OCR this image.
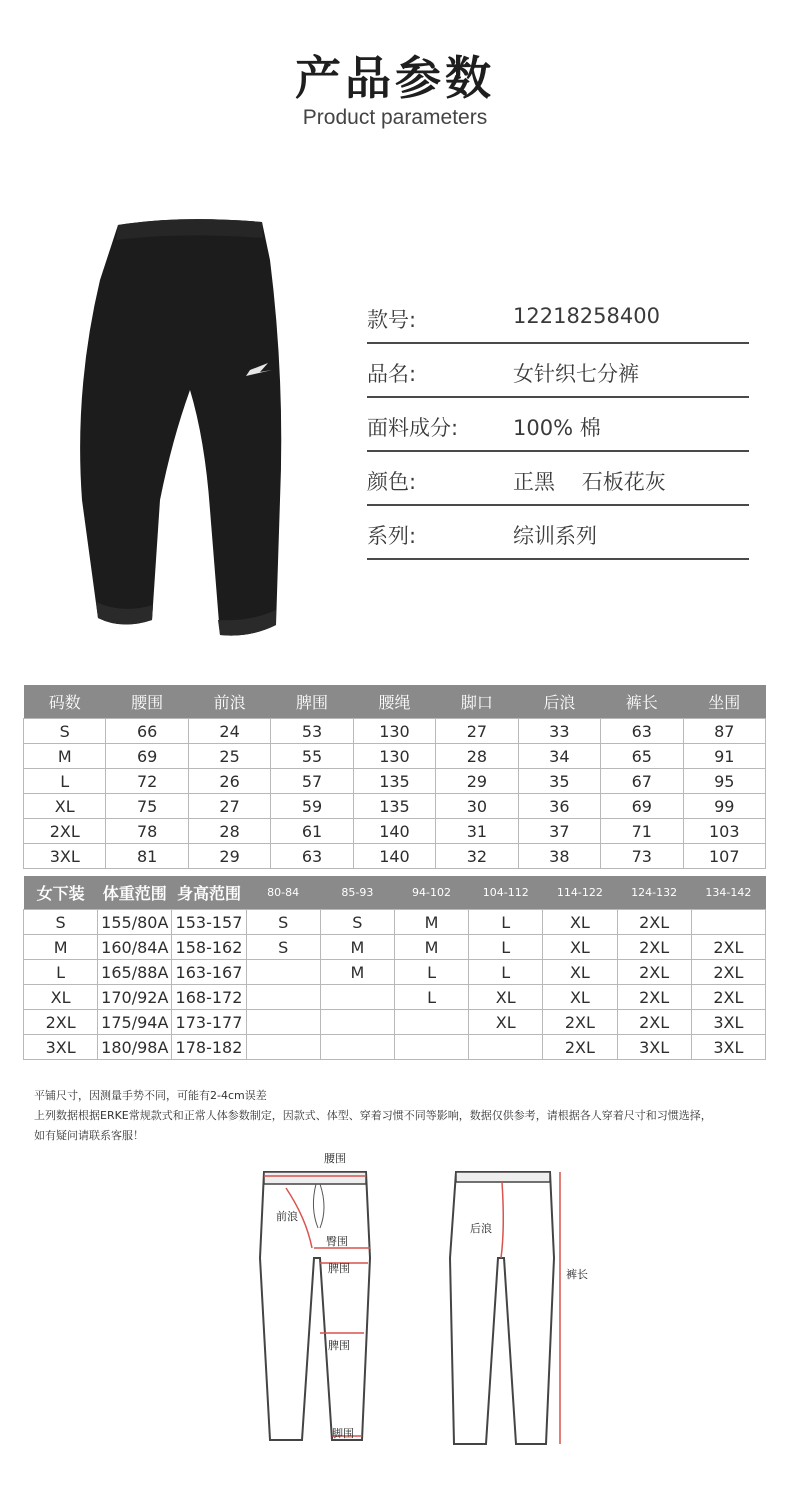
产品参数
Product parameters
款号:	12218258400
品名:	女针织七分裤
面料成分:	100% 棉
颜色:	正黑    石板花灰
系列:	综训系列
码数	腰围	前浪	脾围	腰绳	脚口	后浪	裤长	坐围
S	66	24	53	130	27	33	63	87
M	69	25	55	130	28	34	65	91
L	72	26	57	135	29	35	67	95
XL	75	27	59	135	30	36	69	99
2XL	78	28	61	140	31	37	71	103
3XL	81	29	63	140	32	38	73	107
女下装	体重范围	身高范围	80-84	85-93	94-102	104-112	114-122	124-132	134-142
S	155/80A	153-157	S	S	M	L	XL	2XL	
M	160/84A	158-162	S	M	M	L	XL	2XL	2XL
L	165/88A	163-167		M	L	L	XL	2XL	2XL
XL	170/92A	168-172			L	XL	XL	2XL	2XL
2XL	175/94A	173-177				XL	2XL	2XL	3XL
3XL	180/98A	178-182					2XL	3XL	3XL
平铺尺寸，因测量手势不同，可能有2-4cm误差
上列数据根据ERKE常规款式和正常人体参数制定，因款式、体型、穿着习惯不同等影响，数据仅供参考，请根据各人穿着尺寸和习惯选择，
如有疑问请联系客服！
腰围
前浪
臀围
脾围
脾围
脚围
后浪
裤长
